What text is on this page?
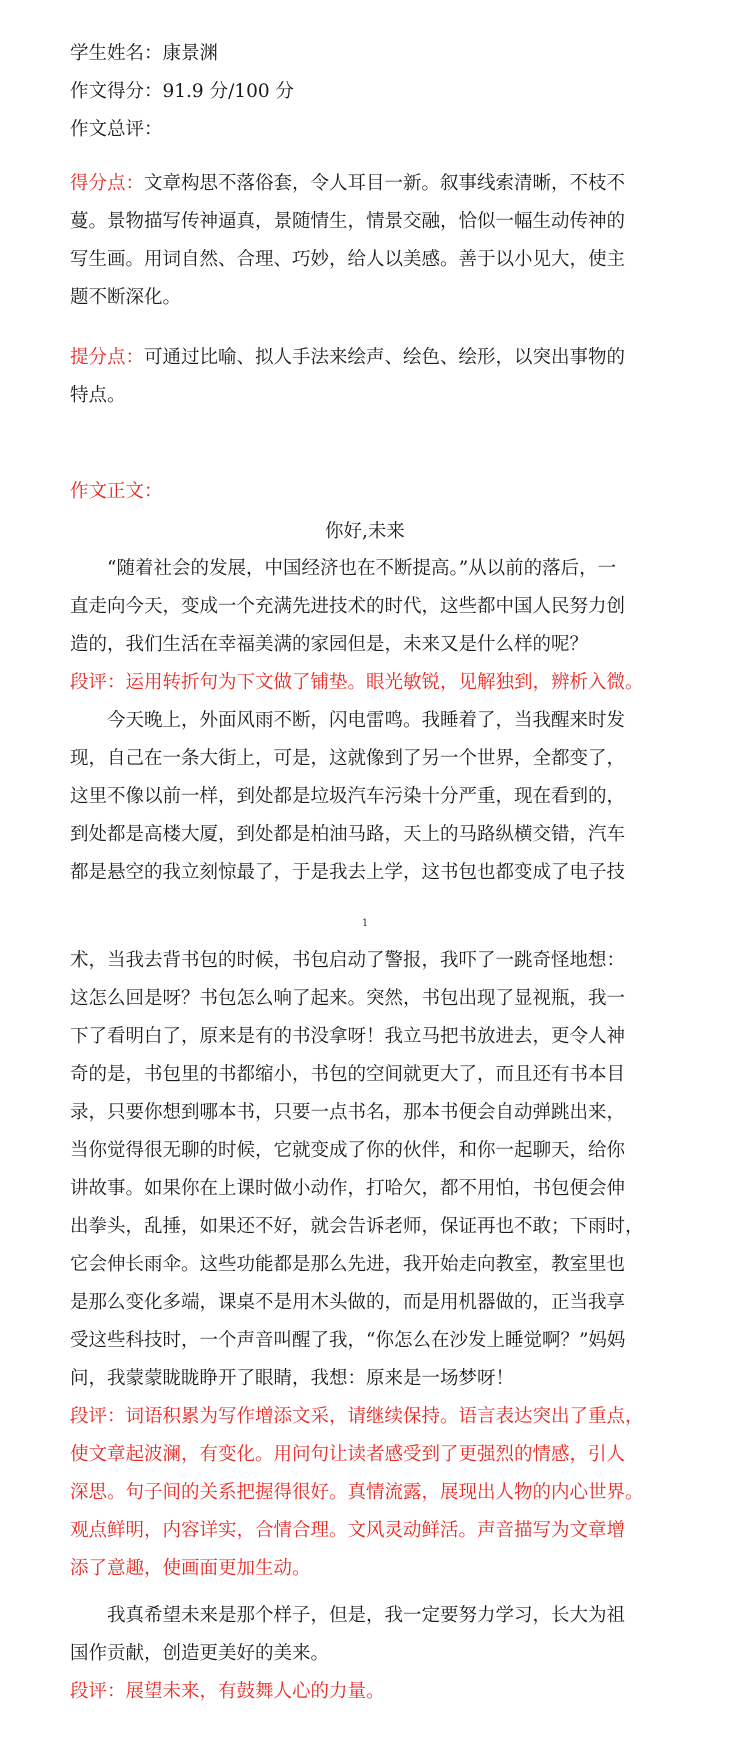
学生姓名：康景渊
作文得分：91.9 分/100 分
作文总评：
得分点：文章构思不落俗套，令人耳目一新。叙事线索清晰，不枝不
蔓。景物描写传神逼真，景随情生，情景交融，恰似一幅生动传神的
写生画。用词自然、合理、巧妙，给人以美感。善于以小见大，使主
题不断深化。
提分点：可通过比喻、拟人手法来绘声、绘色、绘形，以突出事物的
特点。
作文正文：
你好,未来
“随着社会的发展，中国经济也在不断提高。”从以前的落后，一
直走向今天，变成一个充满先进技术的时代，这些都中国人民努力创
造的，我们生活在幸福美满的家园但是，未来又是什么样的呢？
段评：运用转折句为下文做了铺垫。眼光敏锐，见解独到，辨析入微。
今天晚上，外面风雨不断，闪电雷鸣。我睡着了，当我醒来时发
现，自己在一条大街上，可是，这就像到了另一个世界，全都变了，
这里不像以前一样，到处都是垃圾汽车污染十分严重，现在看到的，
到处都是高楼大厦，到处都是柏油马路，天上的马路纵横交错，汽车
都是悬空的我立刻惊最了，于是我去上学，这书包也都变成了电子技
1
术，当我去背书包的时候，书包启动了警报，我吓了一跳奇怪地想：
这怎么回是呀？书包怎么响了起来。突然，书包出现了显视瓶，我一
下了看明白了，原来是有的书没拿呀！我立马把书放进去，更令人神
奇的是，书包里的书都缩小，书包的空间就更大了，而且还有书本目
录，只要你想到哪本书，只要一点书名，那本书便会自动弹跳出来，
当你觉得很无聊的时候，它就变成了你的伙伴，和你一起聊天，给你
讲故事。如果你在上课时做小动作，打哈欠，都不用怕，书包便会伸
出拳头，乱捶，如果还不好，就会告诉老师，保证再也不敢；下雨时，
它会伸长雨伞。这些功能都是那么先进，我开始走向教室，教室里也
是那么变化多端，课桌不是用木头做的，而是用机器做的，正当我享
受这些科技时，一个声音叫醒了我，“你怎么在沙发上睡觉啊？”妈妈
问，我蒙蒙眬眬睁开了眼睛，我想：原来是一场梦呀！
段评：词语积累为写作增添文采，请继续保持。语言表达突出了重点，
使文章起波澜，有变化。用问句让读者感受到了更强烈的情感，引人
深思。句子间的关系把握得很好。真情流露，展现出人物的内心世界。
观点鲜明，内容详实，合情合理。文风灵动鲜活。声音描写为文章增
添了意趣，使画面更加生动。
我真希望未来是那个样子，但是，我一定要努力学习，长大为祖
国作贡献，创造更美好的美来。
段评：展望未来，有鼓舞人心的力量。
